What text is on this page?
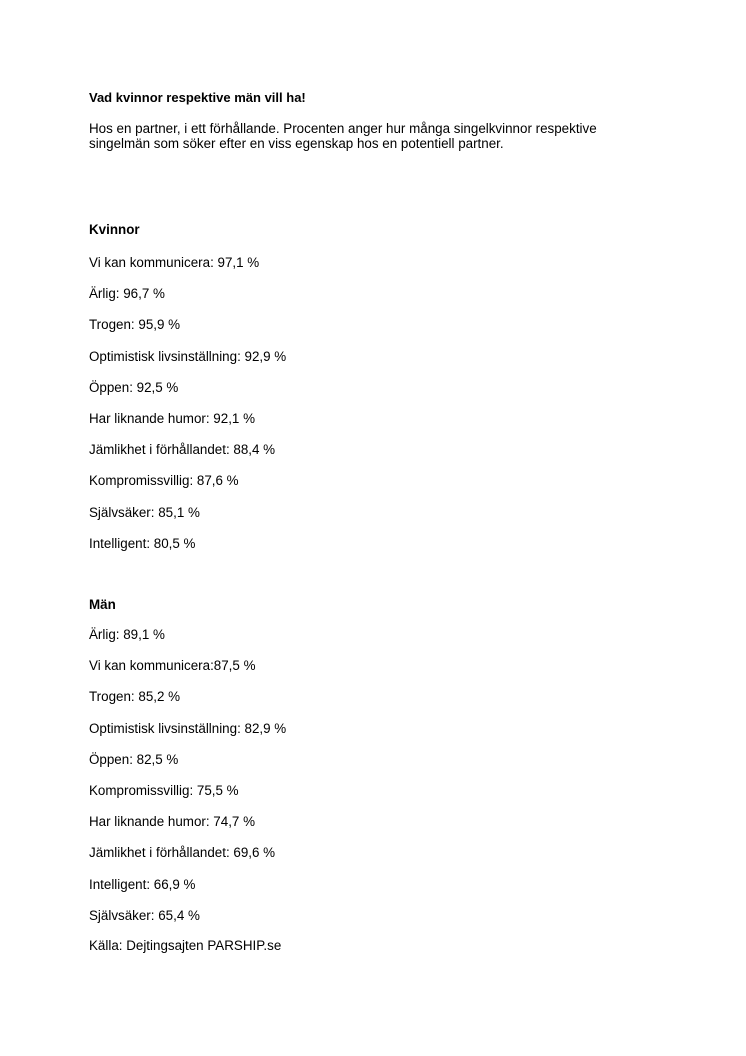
Vad kvinnor respektive män vill ha!
Hos en partner, i ett förhållande. Procenten anger hur många singelkvinnor respektive singelmän som söker efter en viss egenskap hos en potentiell partner.
Kvinnor
Vi kan kommunicera: 97,1 %
Ärlig: 96,7 %
Trogen: 95,9 %
Optimistisk livsinställning: 92,9 %
Öppen: 92,5 %
Har liknande humor: 92,1 %
Jämlikhet i förhållandet: 88,4 %
Kompromissvillig: 87,6 %
Självsäker: 85,1 %
Intelligent: 80,5 %
Män
Ärlig: 89,1 %
Vi kan kommunicera:87,5 %
Trogen: 85,2 %
Optimistisk livsinställning: 82,9 %
Öppen: 82,5 %
Kompromissvillig: 75,5 %
Har liknande humor: 74,7 %
Jämlikhet i förhållandet: 69,6 %
Intelligent: 66,9 %
Självsäker: 65,4 %
Källa: Dejtingsajten PARSHIP.se
